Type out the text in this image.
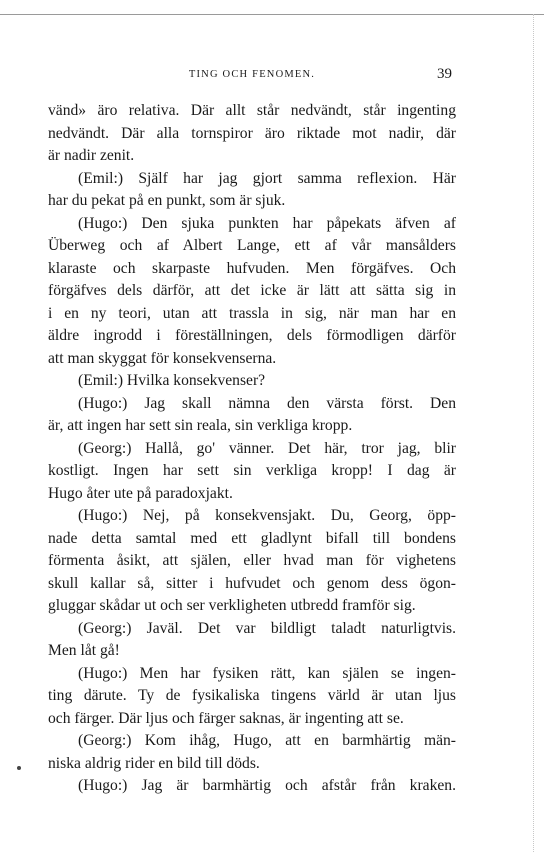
TING OCH FENOMEN.	39
vänd» äro relativa. Där allt står nedvändt, står ingenting
nedvändt. Där alla tornspiror äro riktade mot nadir, där
är nadir zenit.
(Emil:) Själf har jag gjort samma reflexion. Här
har du pekat på en punkt, som är sjuk.
(Hugo:) Den sjuka punkten har påpekats äfven af
Überweg och af Albert Lange, ett af vår mansålders
klaraste och skarpaste hufvuden. Men förgäfves. Och
förgäfves dels därför, att det icke är lätt att sätta sig in
i en ny teori, utan att trassla in sig, när man har en
äldre ingrodd i föreställningen, dels förmodligen därför
att man skyggat för konsekvenserna.
(Emil:) Hvilka konsekvenser?
(Hugo:) Jag skall nämna den värsta först. Den
är, att ingen har sett sin reala, sin verkliga kropp.
(Georg:) Hallå, go' vänner. Det här, tror jag, blir
kostligt. Ingen har sett sin verkliga kropp! I dag är
Hugo åter ute på paradoxjakt.
(Hugo:) Nej, på konsekvensjakt. Du, Georg, öpp-
nade detta samtal med ett gladlynt bifall till bondens
förmenta åsikt, att själen, eller hvad man för vighetens
skull kallar så, sitter i hufvudet och genom dess ögon-
gluggar skådar ut och ser verkligheten utbredd framför sig.
(Georg:) Javäl. Det var bildligt taladt naturligtvis.
Men låt gå!
(Hugo:) Men har fysiken rätt, kan själen se ingen-
ting därute. Ty de fysikaliska tingens värld är utan ljus
och färger. Där ljus och färger saknas, är ingenting att se.
(Georg:) Kom ihåg, Hugo, att en barmhärtig män-
niska aldrig rider en bild till döds.
(Hugo:) Jag är barmhärtig och afstår från kraken.
